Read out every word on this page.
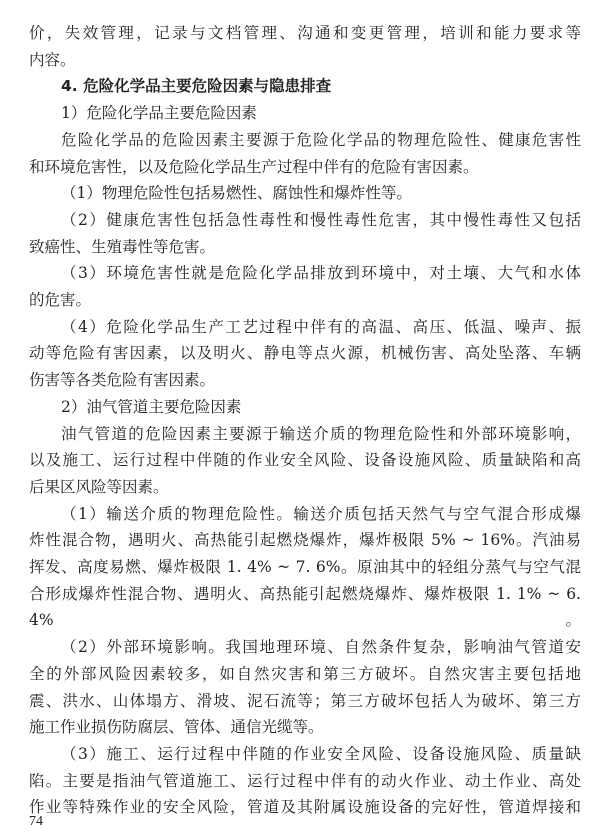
价，失效管理，记录与文档管理、沟通和变更管理，培训和能力要求等
内容。
4. 危险化学品主要危险因素与隐患排查
1）危险化学品主要危险因素
危险化学品的危险因素主要源于危险化学品的物理危险性、健康危害性
和环境危害性，以及危险化学品生产过程中伴有的危险有害因素。
（1）物理危险性包括易燃性、腐蚀性和爆炸性等。
（2）健康危害性包括急性毒性和慢性毒性危害，其中慢性毒性又包括
致癌性、生殖毒性等危害。
（3）环境危害性就是危险化学品排放到环境中，对土壤、大气和水体
的危害。
（4）危险化学品生产工艺过程中伴有的高温、高压、低温、噪声、振
动等危险有害因素，以及明火、静电等点火源，机械伤害、高处坠落、车辆
伤害等各类危险有害因素。
2）油气管道主要危险因素
油气管道的危险因素主要源于输送介质的物理危险性和外部环境影响，
以及施工、运行过程中伴随的作业安全风险、设备设施风险、质量缺陷和高
后果区风险等因素。
（1）输送介质的物理危险性。输送介质包括天然气与空气混合形成爆
炸性混合物，遇明火、高热能引起燃烧爆炸，爆炸极限 5% ~ 16%。汽油易
挥发、高度易燃、爆炸极限 1. 4% ~ 7. 6%。原油其中的轻组分蒸气与空气混
合形成爆炸性混合物、遇明火、高热能引起燃烧爆炸、爆炸极限 1. 1% ~ 6. 4%。
（2）外部环境影响。我国地理环境、自然条件复杂，影响油气管道安
全的外部风险因素较多，如自然灾害和第三方破坏。自然灾害主要包括地
震、洪水、山体塌方、滑坡、泥石流等；第三方破坏包括人为破坏、第三方
施工作业损伤防腐层、管体、通信光缆等。
（3）施工、运行过程中伴随的作业安全风险、设备设施风险、质量缺
陷。主要是指油气管道施工、运行过程中伴有的动火作业、动土作业、高处
作业等特殊作业的安全风险，管道及其附属设施设备的完好性，管道焊接和
74
